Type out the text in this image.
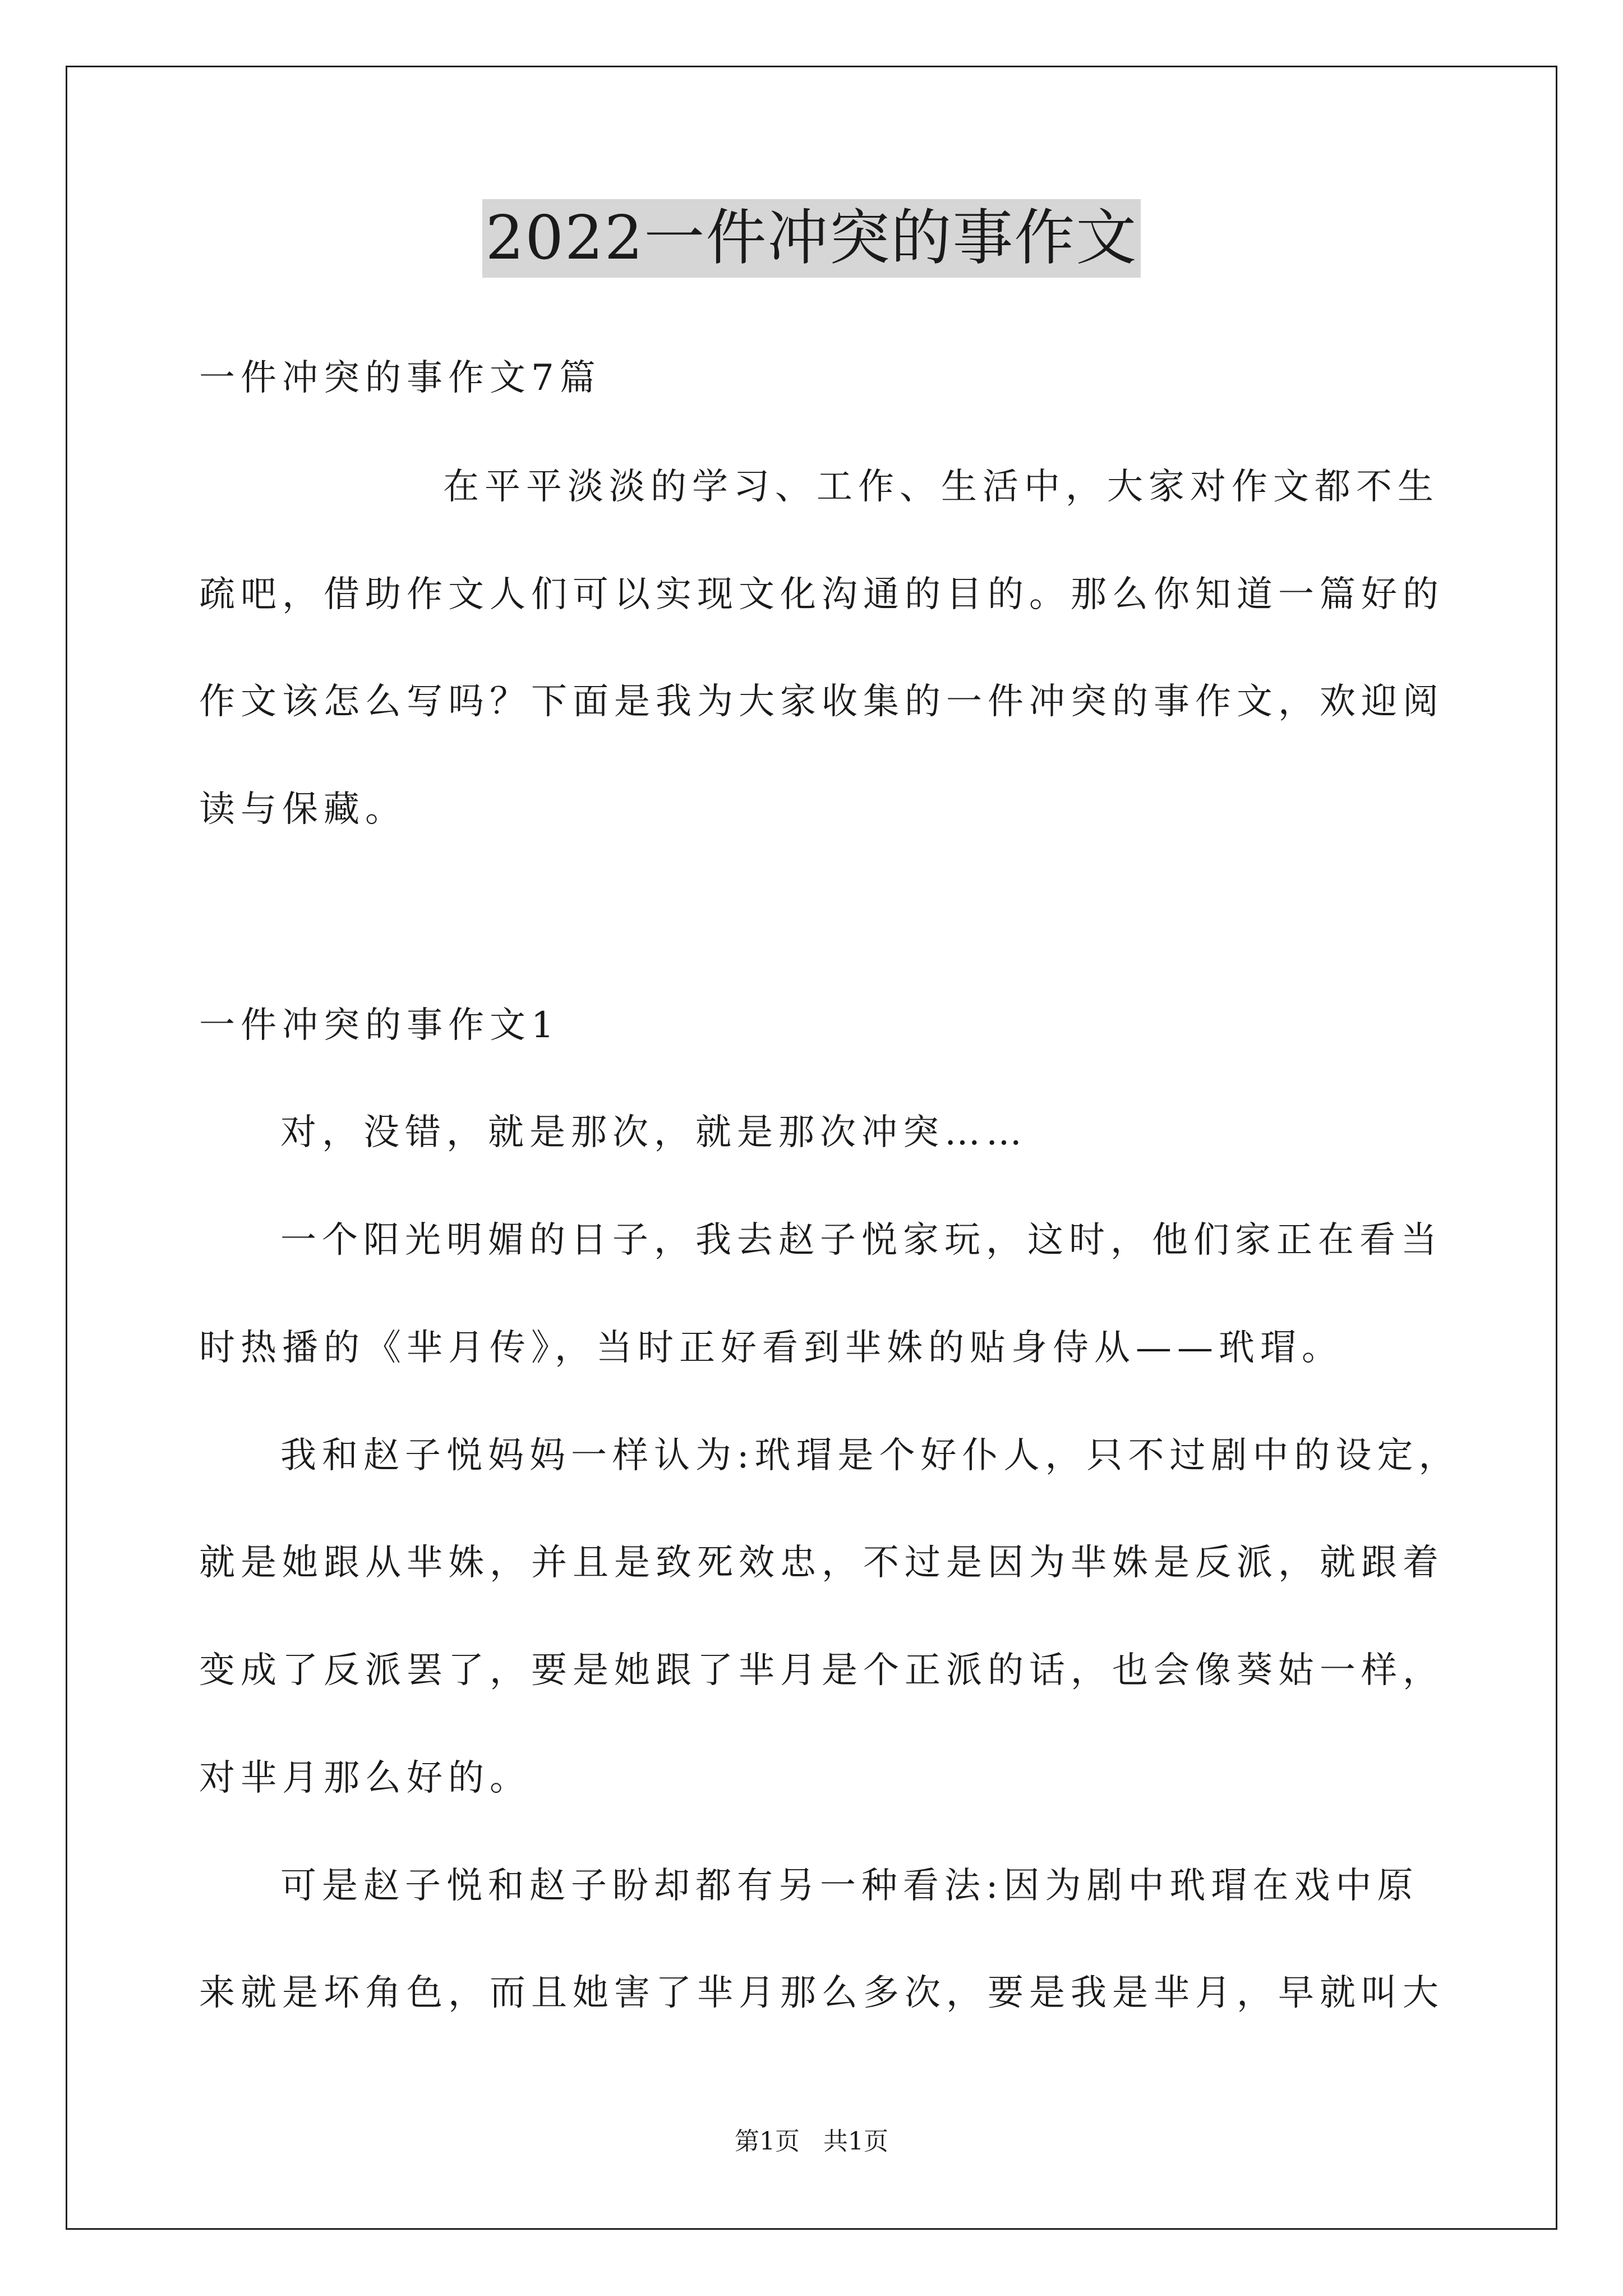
2022一件冲突的事作文
一件冲突的事作文7篇
在平平淡淡的学习、工作、生活中，大家对作文都不生
疏吧，借助作文人们可以实现文化沟通的目的。那么你知道一篇好的
作文该怎么写吗？下面是我为大家收集的一件冲突的事作文，欢迎阅
读与保藏。
一件冲突的事作文1
对，没错，就是那次，就是那次冲突……
一个阳光明媚的日子，我去赵子悦家玩，这时，他们家正在看当
时热播的《芈月传》，当时正好看到芈姝的贴身侍从——玳瑁。
我和赵子悦妈妈一样认为:玳瑁是个好仆人，只不过剧中的设定，
就是她跟从芈姝，并且是致死效忠，不过是因为芈姝是反派，就跟着
变成了反派罢了，要是她跟了芈月是个正派的话，也会像葵姑一样，
对芈月那么好的。
可是赵子悦和赵子盼却都有另一种看法:因为剧中玳瑁在戏中原
来就是坏角色，而且她害了芈月那么多次，要是我是芈月，早就叫大
第1页 共1页
